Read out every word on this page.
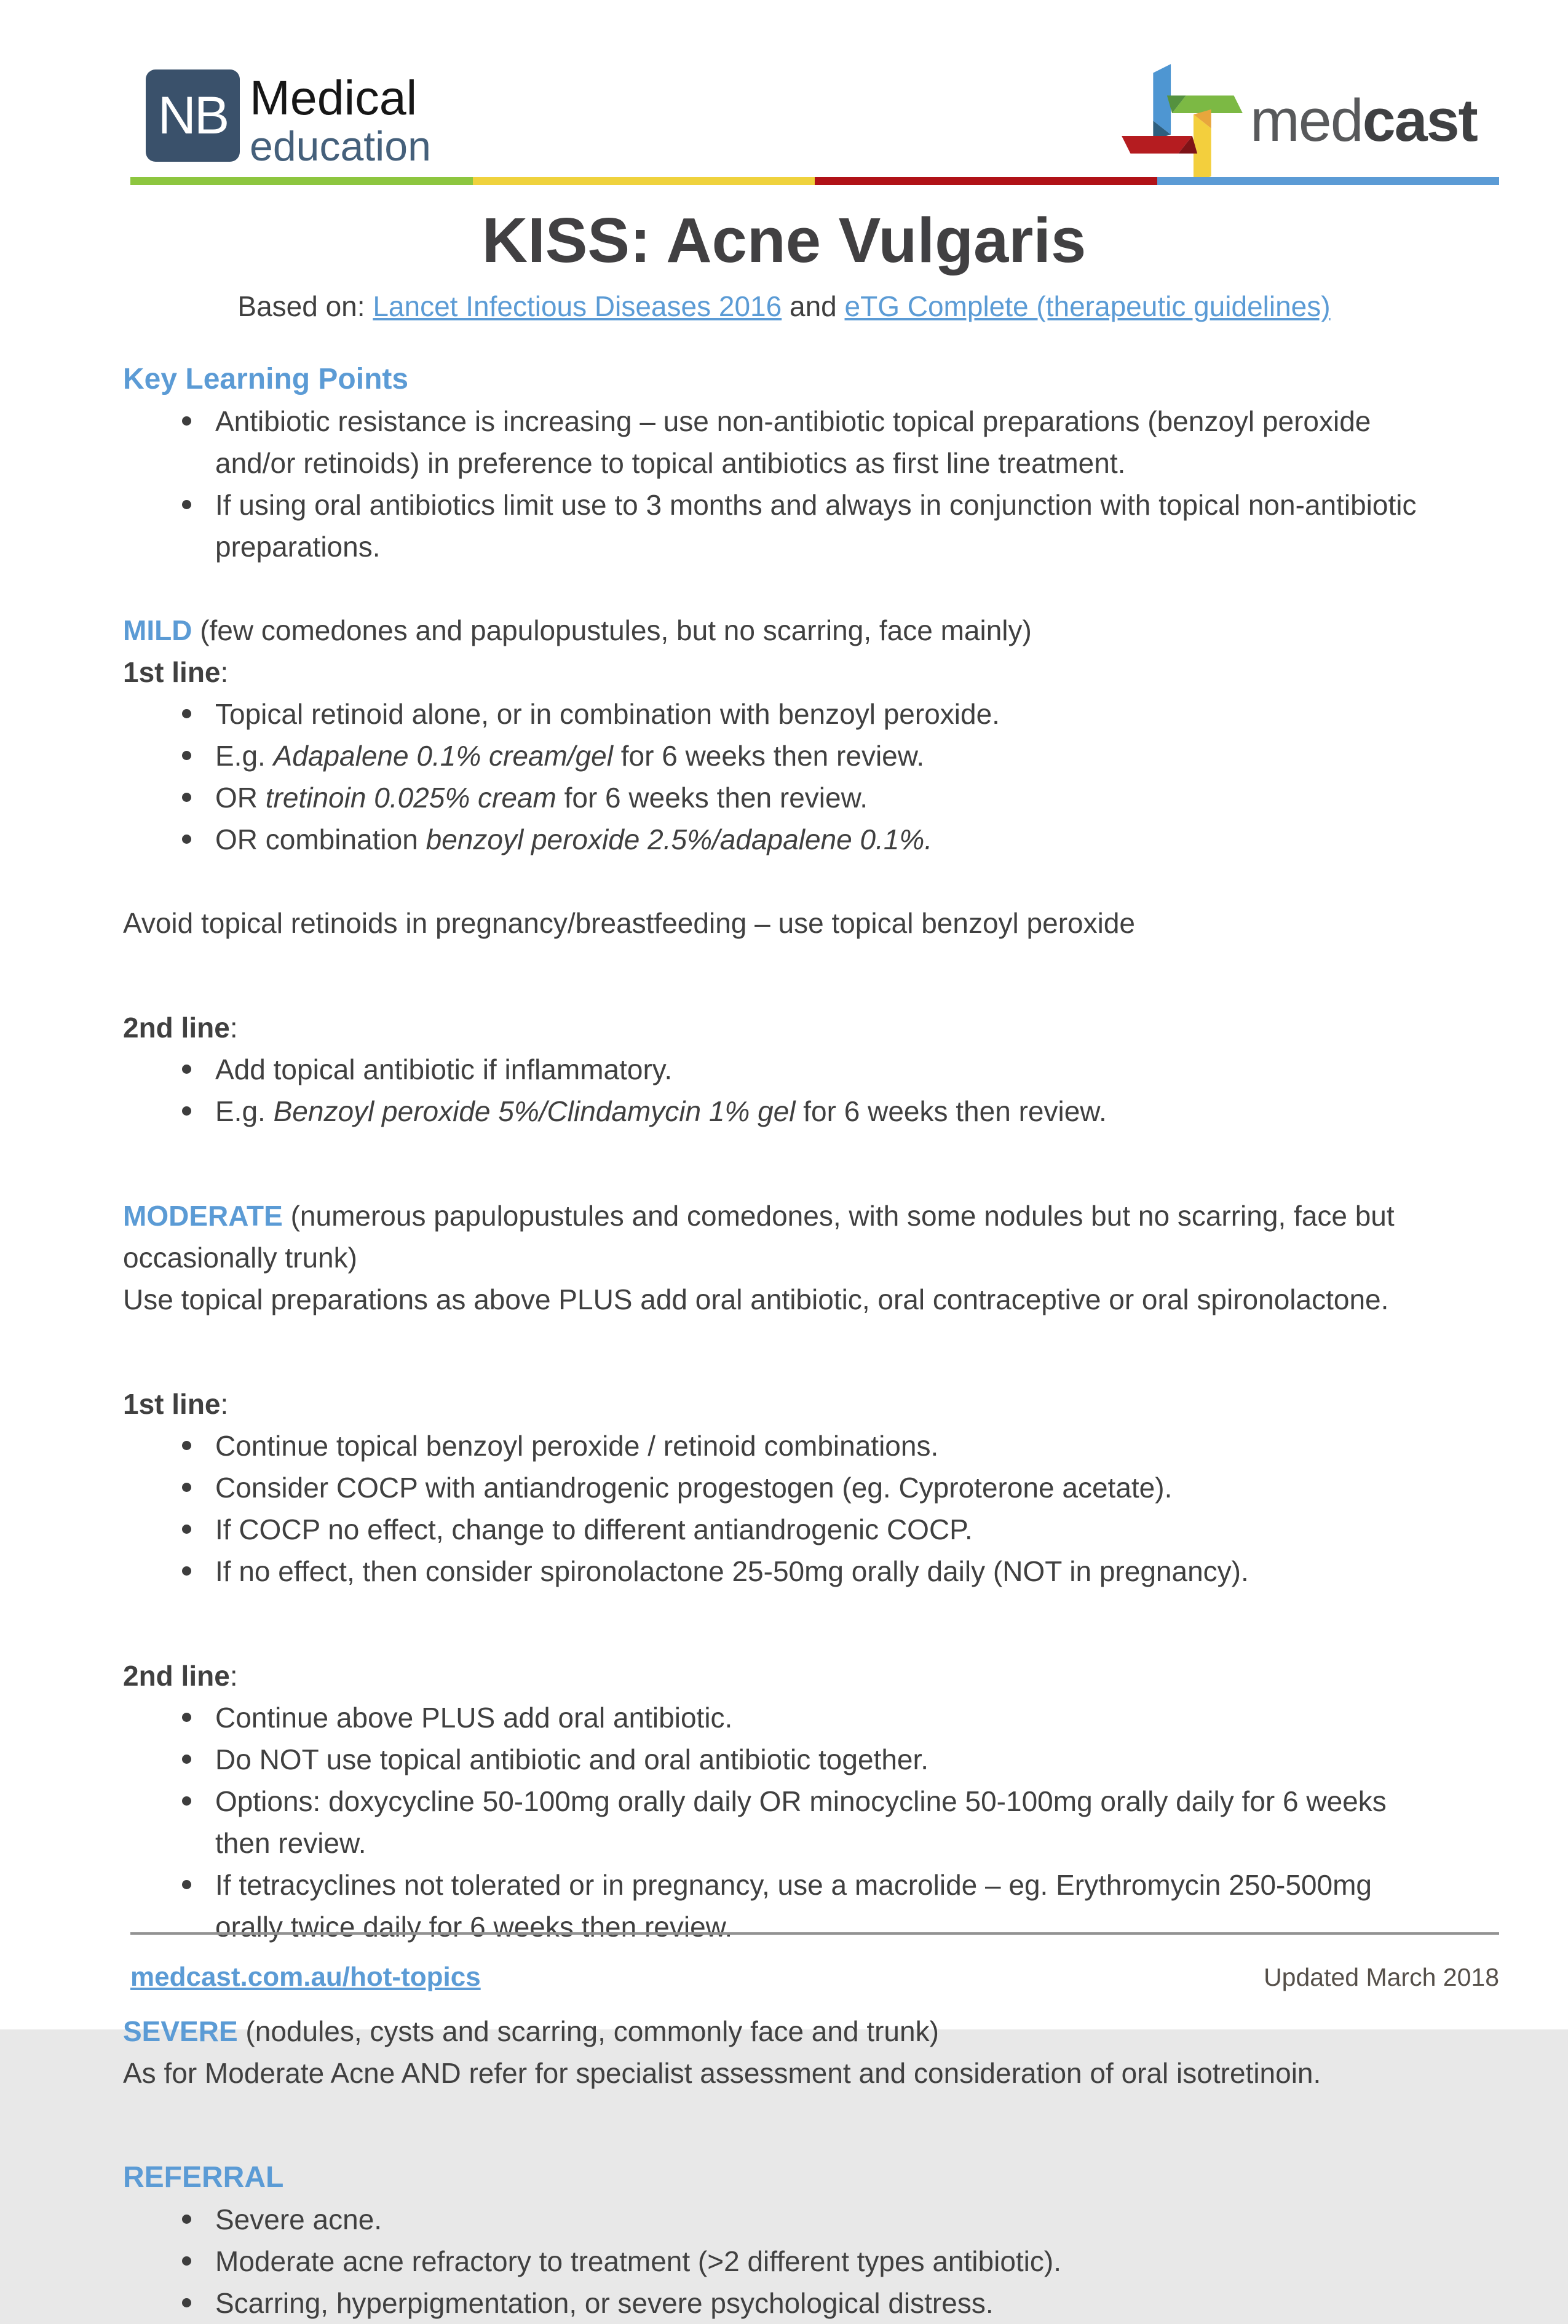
NB Medical
education	medcast
KISS: Acne Vulgaris

Based on: Lancet Infectious Diseases 2016 and eTG Complete (therapeutic guidelines)

Key Learning Points
Antibiotic resistance is increasing – use non-antibiotic topical preparations (benzoyl peroxide and/or retinoids) in preference to topical antibiotics as first line treatment.
If using oral antibiotics limit use to 3 months and always in conjunction with topical non-antibiotic preparations.
MILD (few comedones and papulopustules, but no scarring, face mainly)
1st line:
Topical retinoid alone, or in combination with benzoyl peroxide.
E.g. Adapalene 0.1% cream/gel for 6 weeks then review.
OR tretinoin 0.025% cream for 6 weeks then review.
OR combination benzoyl peroxide 2.5%/adapalene 0.1%.
Avoid topical retinoids in pregnancy/breastfeeding – use topical benzoyl peroxide
2nd line:
Add topical antibiotic if inflammatory.
E.g. Benzoyl peroxide 5%/Clindamycin 1% gel for 6 weeks then review.
MODERATE (numerous papulopustules and comedones, with some nodules but no scarring, face but occasionally trunk)
Use topical preparations as above PLUS add oral antibiotic, oral contraceptive or oral spironolactone.
1st line:
Continue topical benzoyl peroxide / retinoid combinations.
Consider COCP with antiandrogenic progestogen (eg. Cyproterone acetate).
If COCP no effect, change to different antiandrogenic COCP.
If no effect, then consider spironolactone 25-50mg orally daily (NOT in pregnancy).
2nd line:
Continue above PLUS add oral antibiotic.
Do NOT use topical antibiotic and oral antibiotic together.
Options: doxycycline 50-100mg orally daily OR minocycline 50-100mg orally daily for 6 weeks then review.
If tetracyclines not tolerated or in pregnancy, use a macrolide – eg. Erythromycin 250-500mg orally twice daily for 6 weeks then review.
SEVERE (nodules, cysts and scarring, commonly face and trunk)
As for Moderate Acne AND refer for specialist assessment and consideration of oral isotretinoin.
REFERRAL
Severe acne.
Moderate acne refractory to treatment (>2 different types antibiotic).
Scarring, hyperpigmentation, or severe psychological distress.
medcast.com.au/hot-topics	Updated March 2018
